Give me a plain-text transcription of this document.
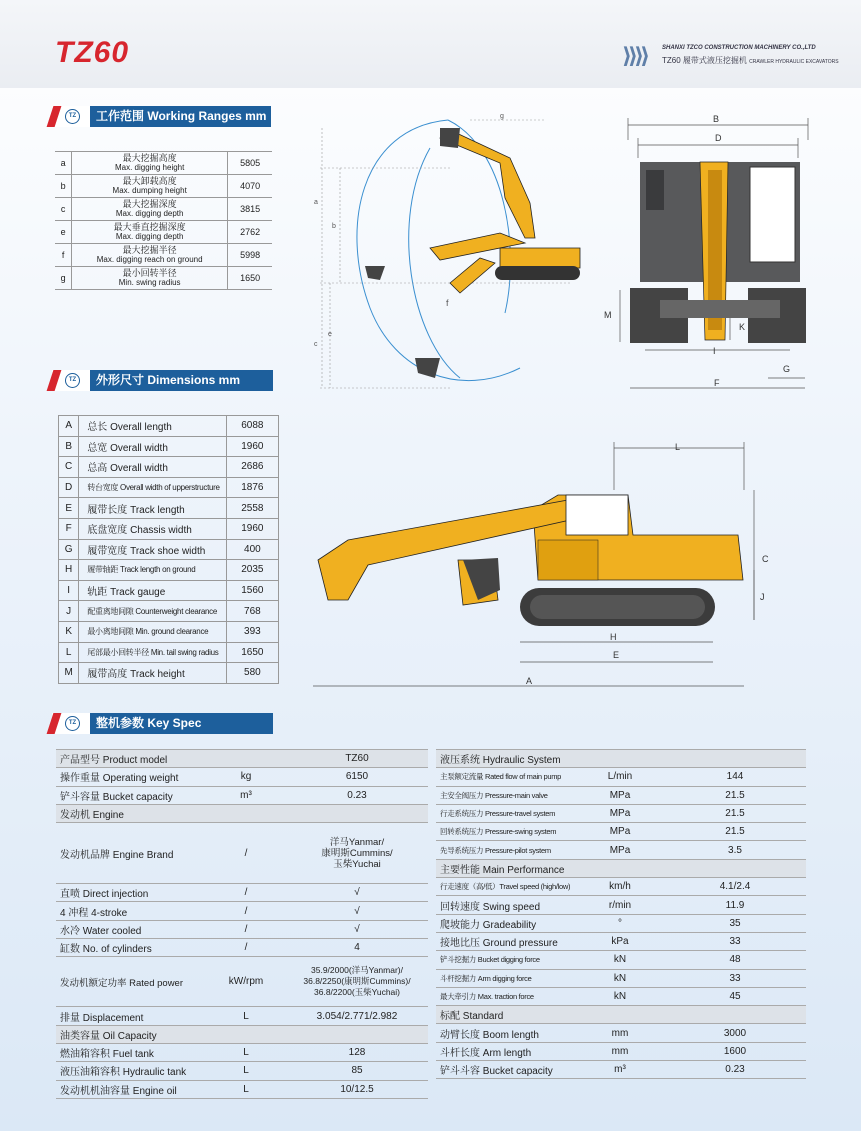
TZ60	⟩⟩⟩⟩	SHANXI TZCO CONSTRUCTION MACHINERY CO.,LTD
TZ60 履带式液压挖掘机 CRAWLER HYDRAULIC EXCAVATORS
TZ	工作范围 Working Ranges mm
a	最大挖掘高度
Max. digging height	5805
b	最大卸载高度
Max. dumping height	4070
c	最大挖掘深度
Max. digging depth	3815
e	最大垂直挖掘深度
Max. digging depth	2762
f	最大挖掘半径
Max. digging reach on ground	5998
g	最小回转半径
Min. swing radius	1650
TZ	外形尺寸 Dimensions mm
A	总长 Overall length	6088
B	总宽 Overall width	1960
C	总高 Overall width	2686
D	转台宽度 Overall width of upperstructure	1876
E	履带长度 Track length	2558
F	底盘宽度 Chassis width	1960
G	履带宽度 Track shoe width	400
H	履带轴距 Track length on ground	2035
I	轨距 Track gauge	1560
J	配重离地间隙 Counterweight clearance	768
K	最小离地间隙 Min. ground clearance	393
L	尾部最小回转半径 Min. tail swing radius	1650
M	履带高度 Track height	580
TZ	整机参数 Key Spec
产品型号 Product model		TZ60
操作重量 Operating weight	kg	6150
铲斗容量 Bucket capacity	m³	0.23
发动机 Engine		
发动机品牌 Engine Brand	/	洋马Yanmar/
康明斯Cummins/
玉柴Yuchai
直喷 Direct injection	/	√
4 冲程 4-stroke	/	√
水冷 Water cooled	/	√
缸数 No. of cylinders	/	4
发动机额定功率 Rated power	kW/rpm	35.9/2000(洋马Yanmar)/
36.8/2250(康明斯Cummins)/
36.8/2200(玉柴Yuchai)
排量 Displacement	L	3.054/2.771/2.982
油类容量 Oil Capacity		
燃油箱容积 Fuel tank	L	128
液压油箱容积 Hydraulic tank	L	85
发动机机油容量 Engine oil	L	10/12.5
液压系统 Hydraulic System		
主泵额定流量 Rated flow of main pump	L/min	144
主安全阀压力 Pressure-main valve	MPa	21.5
行走系统压力 Pressure-travel system	MPa	21.5
回转系统压力 Pressure-swing system	MPa	21.5
先导系统压力 Pressure-pilot system	MPa	3.5
主要性能 Main Performance		
行走速度（高/低）Travel speed (high/low)	km/h	4.1/2.4
回转速度 Swing speed	r/min	11.9
爬坡能力 Gradeability	°	35
接地比压 Ground pressure	kPa	33
铲斗挖掘力 Bucket digging force	kN	48
斗杆挖掘力 Arm digging force	kN	33
最大牵引力 Max. traction force	kN	45
标配 Standard		
动臂长度 Boom length	mm	3000
斗杆长度 Arm length	mm	1600
铲斗斗容 Bucket capacity	m³	0.23
g
a
b
c
e
f
B
D
M
K
I
G
F
L
C
J
H
E
A
